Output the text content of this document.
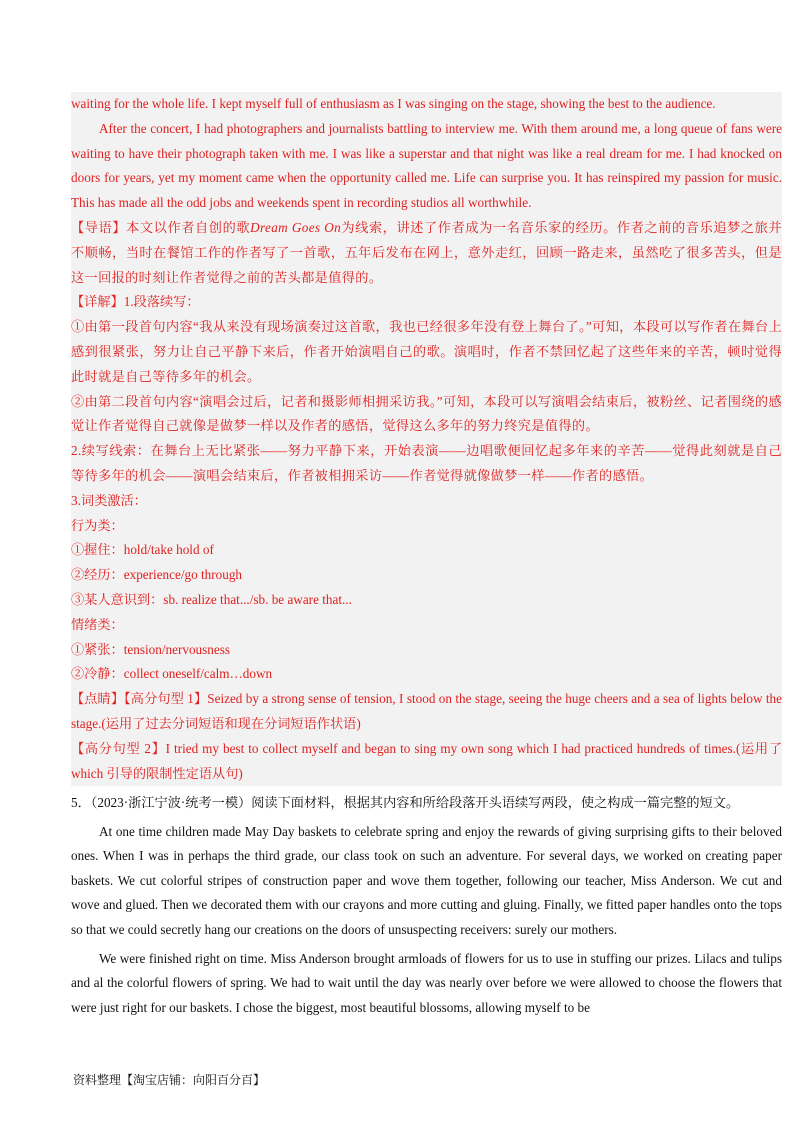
waiting for the whole life. I kept myself full of enthusiasm as I was singing on the stage, showing the best to the audience.

After the concert, I had photographers and journalists battling to interview me. With them around me, a long queue of fans were waiting to have their photograph taken with me. I was like a superstar and that night was like a real dream for me. I had knocked on doors for years, yet my moment came when the opportunity called me. Life can surprise you. It has reinspired my passion for music. This has made all the odd jobs and weekends spent in recording studios all worthwhile.

【导语】本文以作者自创的歌Dream Goes On为线索，讲述了作者成为一名音乐家的经历。作者之前的音乐追梦之旅并不顺畅，当时在餐馆工作的作者写了一首歌，五年后发布在网上，意外走红，回顾一路走来，虽然吃了很多苦头，但是这一回报的时刻让作者觉得之前的苦头都是值得的。

【详解】1.段落续写：

①由第一段首句内容“我从来没有现场演奏过这首歌，我也已经很多年没有登上舞台了。”可知，本段可以写作者在舞台上感到很紧张，努力让自己平静下来后，作者开始演唱自己的歌。演唱时，作者不禁回忆起了这些年来的辛苦，顿时觉得此时就是自己等待多年的机会。

②由第二段首句内容“演唱会过后，记者和摄影师相拥采访我。”可知，本段可以写演唱会结束后，被粉丝、记者围绕的感觉让作者觉得自己就像是做梦一样以及作者的感悟，觉得这么多年的努力终究是值得的。

2.续写线索：在舞台上无比紧张——努力平静下来，开始表演——边唱歌便回忆起多年来的辛苦——觉得此刻就是自己等待多年的机会——演唱会结束后，作者被相拥采访——作者觉得就像做梦一样——作者的感悟。

3.词类激活：

行为类：

①握住：hold/take hold of

②经历：experience/go through

③某人意识到：sb. realize that.../sb. be aware that...

情绪类：

①紧张：tension/nervousness

②冷静：collect oneself/calm…down

【点睛】【高分句型 1】Seized by a strong sense of tension, I stood on the stage, seeing the huge cheers and a sea of lights below the stage.(运用了过去分词短语和现在分词短语作状语)

【高分句型 2】I tried my best to collect myself and began to sing my own song which I had practiced hundreds of times.(运用了 which 引导的限制性定语从句)

5．（2023·浙江宁波·统考一模）阅读下面材料，根据其内容和所给段落开头语续写两段，使之构成一篇完整的短文。

At one time children made May Day baskets to celebrate spring and enjoy the rewards of giving surprising gifts to their beloved ones. When I was in perhaps the third grade, our class took on such an adventure. For several days, we worked on creating paper baskets. We cut colorful stripes of construction paper and wove them together, following our teacher, Miss Anderson. We cut and wove and glued. Then we decorated them with our crayons and more cutting and gluing. Finally, we fitted paper handles onto the tops so that we could secretly hang our creations on the doors of unsuspecting receivers: surely our mothers.

We were finished right on time. Miss Anderson brought armloads of flowers for us to use in stuffing our prizes. Lilacs and tulips and al the colorful flowers of spring. We had to wait until the day was nearly over before we were allowed to choose the flowers that were just right for our baskets. I chose the biggest, most beautiful blossoms, allowing myself to be

资料整理【淘宝店铺：向阳百分百】
